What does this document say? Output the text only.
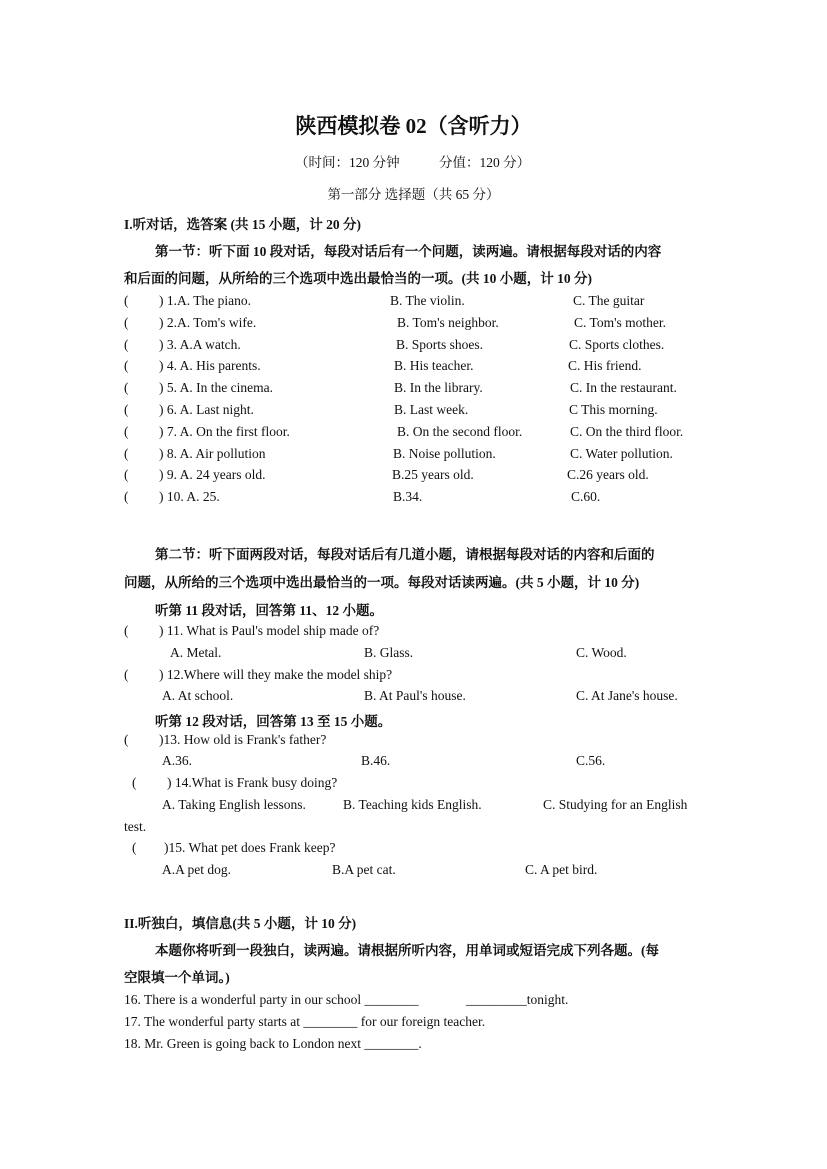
陕西模拟卷 02（含听力）
（时间：120 分钟	分值：120 分）
第一部分 选择题（共 65 分）
I.听对话，选答案 (共 15 小题，计 20 分)
第一节：听下面 10 段对话，每段对话后有一个问题，读两遍。请根据每段对话的内容
和后面的问题，从所给的三个选项中选出最恰当的一项。(共 10 小题，计 10 分)
( ) 1.A. The piano.	B. The violin.	C. The guitar
( ) 2.A. Tom's wife.	B. Tom's neighbor.	C. Tom's mother.
( ) 3. A.A watch.	B. Sports shoes.	C. Sports clothes.
( ) 4. A. His parents.	B. His teacher.	C. His friend.
( ) 5. A. In the cinema.	B. In the library.	C. In the restaurant.
( ) 6. A. Last night.	B. Last week.	C This morning.
( ) 7. A. On the first floor.	B. On the second floor.	C. On the third floor.
( ) 8. A. Air pollution	B. Noise pollution.	C. Water pollution.
( ) 9. A. 24 years old.	B.25 years old.	C.26 years old.
( ) 10. A. 25.	B.34.	C.60.
第二节：听下面两段对话，每段对话后有几道小题，请根据每段对话的内容和后面的
问题，从所给的三个选项中选出最恰当的一项。每段对话读两遍。(共 5 小题，计 10 分)
听第 11 段对话，回答第 11、12 小题。
( ) 11. What is Paul's model ship made of?
A. Metal.	B. Glass.	C. Wood.
( ) 12.Where will they make the model ship?
A. At school.	B. At Paul's house.	C. At Jane's house.
听第 12 段对话，回答第 13 至 15 小题。
( )13. How old is Frank's father?
A.36.	B.46.	C.56.
( ) 14.What is Frank busy doing?
A. Taking English lessons.	B. Teaching kids English.	C. Studying for an English
test.
( )15. What pet does Frank keep?
A.A pet dog.	B.A pet cat.	C. A pet bird.
II.听独白，填信息(共 5 小题，计 10 分)
本题你将听到一段独白，读两遍。请根据所听内容，用单词或短语完成下列各题。(每
空限填一个单词。)
16. There is a wonderful party in our school ________	_________tonight.
17. The wonderful party starts at ________ for our foreign teacher.
18. Mr. Green is going back to London next ________.
